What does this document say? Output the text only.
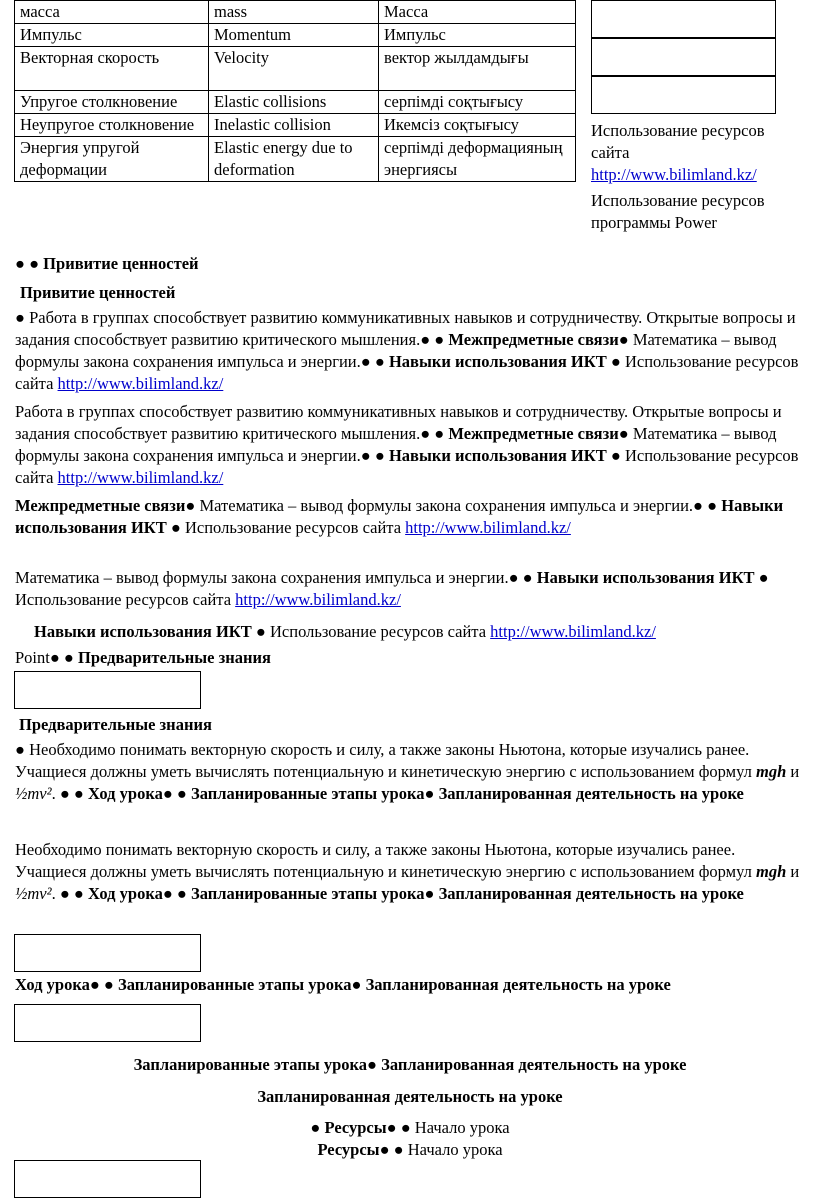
масса	mass	Масса
Импульс	Momentum	Импульс
Векторная скорость	Velocity	вектор жылдамдығы
Упругое столкновение	Elastic collisions	серпімді соқтығысу
Неупругое столкновение	Inelastic collision	Икемсіз соқтығысу
Энергия упругой деформации	Elastic energy due to deformation	серпімді деформацияның энергиясы
Использование ресурсов сайта
http://www.bilimland.kz/
Использование ресурсов программы Power
● ● Привитие ценностей
Привитие ценностей
● Работа в группах способствует развитию коммуникативных навыков и сотрудничеству. Открытые вопросы и задания способствует развитию критического мышления.● ● Межпредметные связи● Математика – вывод формулы закона сохранения импульса и энергии.● ● Навыки использования ИКТ ● Использование ресурсов сайта http://www.bilimland.kz/
Работа в группах способствует развитию коммуникативных навыков и сотрудничеству. Открытые вопросы и задания способствует развитию критического мышления.● ● Межпредметные связи● Математика – вывод формулы закона сохранения импульса и энергии.● ● Навыки использования ИКТ ● Использование ресурсов сайта http://www.bilimland.kz/
Межпредметные связи● Математика – вывод формулы закона сохранения импульса и энергии.● ● Навыки использования ИКТ ● Использование ресурсов сайта http://www.bilimland.kz/
Математика – вывод формулы закона сохранения импульса и энергии.● ● Навыки использования ИКТ ● Использование ресурсов сайта http://www.bilimland.kz/
Навыки использования ИКТ ● Использование ресурсов сайта http://www.bilimland.kz/
Point● ● Предварительные знания
Предварительные знания
● Необходимо понимать векторную скорость и силу, а также законы Ньютона, которые изучались ранее. Учащиеся должны уметь вычислять потенциальную и кинетическую энергию с использованием формул mgh и ½mv². ● ● Ход урока● ● Запланированные этапы урока● Запланированная деятельность на уроке
Необходимо понимать векторную скорость и силу, а также законы Ньютона, которые изучались ранее. Учащиеся должны уметь вычислять потенциальную и кинетическую энергию с использованием формул mgh и ½mv². ● ● Ход урока● ● Запланированные этапы урока● Запланированная деятельность на уроке
Ход урока● ● Запланированные этапы урока● Запланированная деятельность на уроке
Запланированные этапы урока● Запланированная деятельность на уроке
Запланированная деятельность на уроке
● Ресурсы● ● Начало урока
Ресурсы● ● Начало урока
